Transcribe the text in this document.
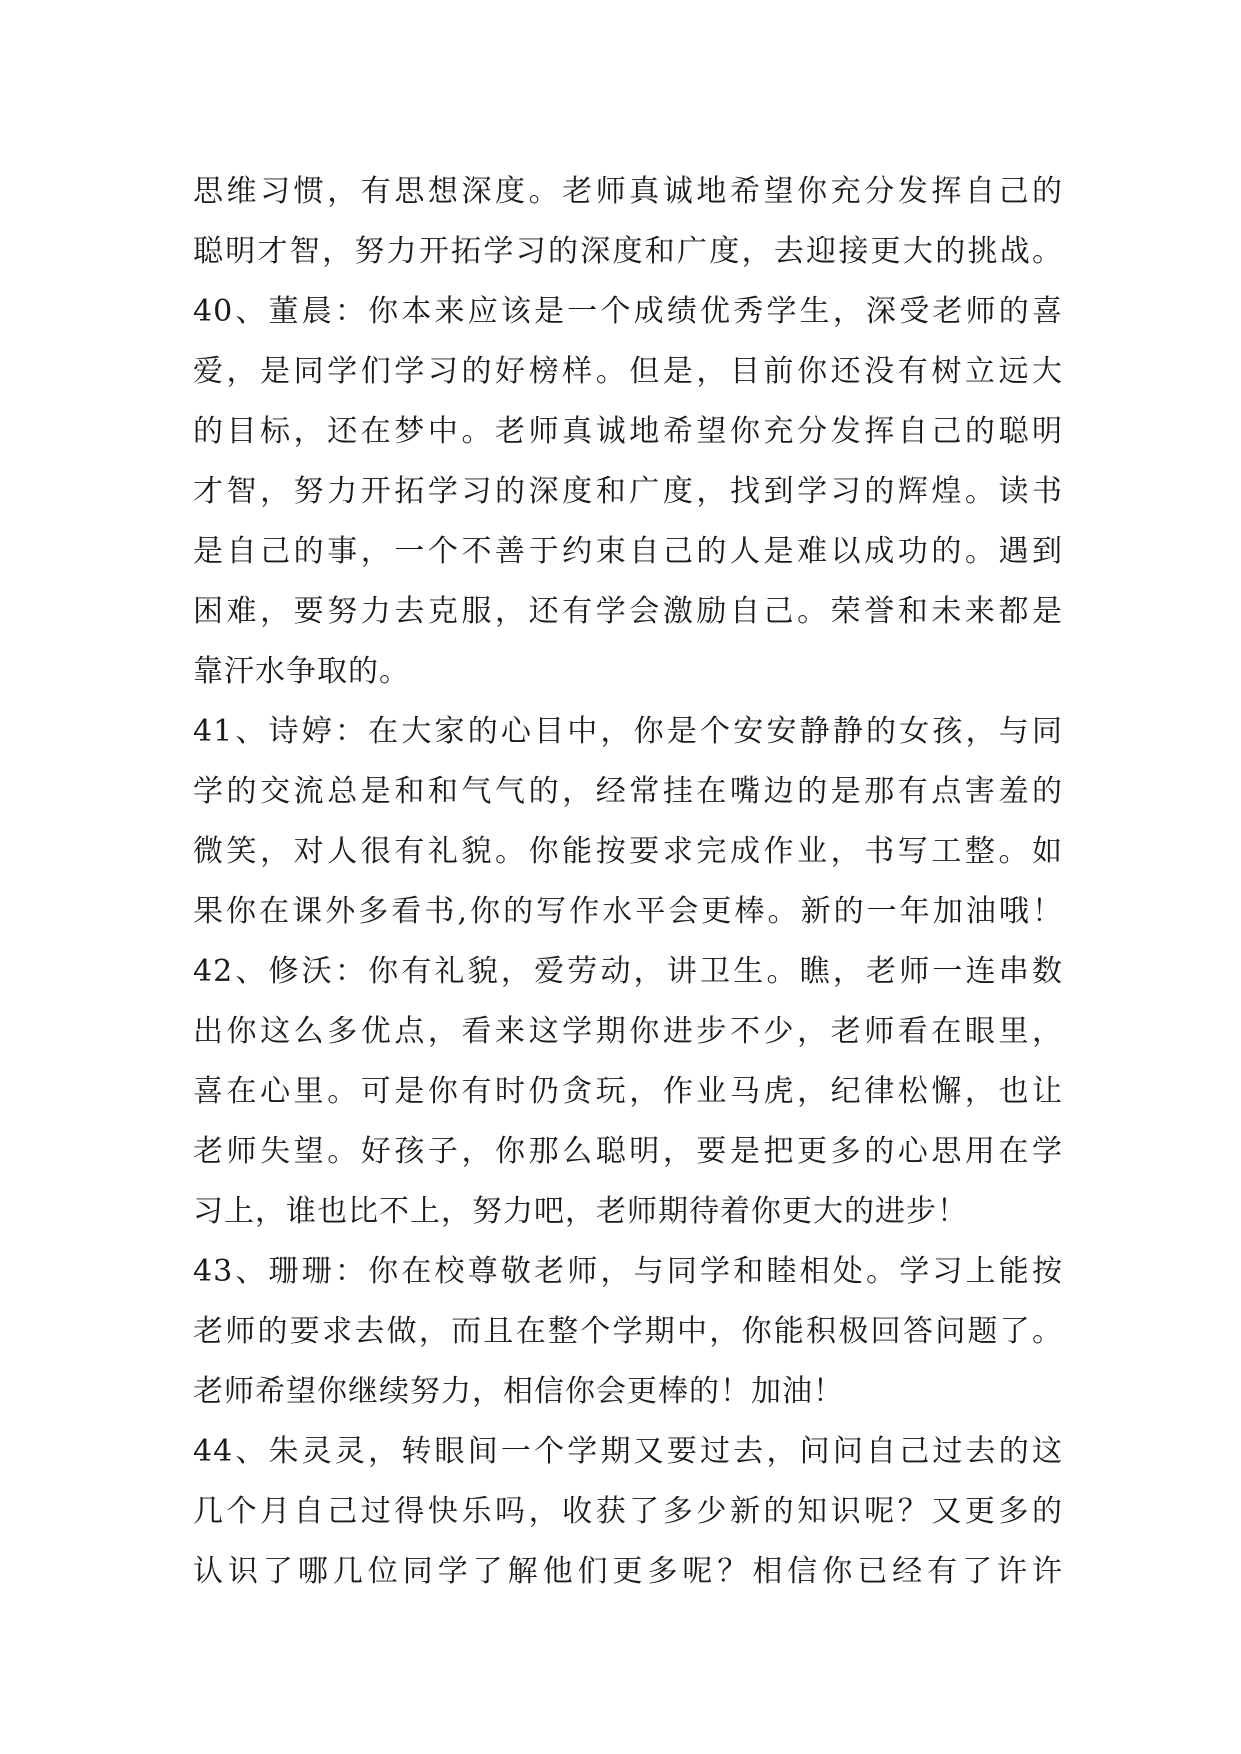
思维习惯，有思想深度。老师真诚地希望你充分发挥自己的
聪明才智，努力开拓学习的深度和广度，去迎接更大的挑战。
40、董晨：你本来应该是一个成绩优秀学生，深受老师的喜
爱，是同学们学习的好榜样。但是，目前你还没有树立远大
的目标，还在梦中。老师真诚地希望你充分发挥自己的聪明
才智，努力开拓学习的深度和广度，找到学习的辉煌。读书
是自己的事，一个不善于约束自己的人是难以成功的。遇到
困难，要努力去克服，还有学会激励自己。荣誉和未来都是
靠汗水争取的。
41、诗婷：在大家的心目中，你是个安安静静的女孩，与同
学的交流总是和和气气的，经常挂在嘴边的是那有点害羞的
微笑，对人很有礼貌。你能按要求完成作业，书写工整。如
果你在课外多看书,你的写作水平会更棒。新的一年加油哦！
42、修沃：你有礼貌，爱劳动，讲卫生。瞧，老师一连串数
出你这么多优点，看来这学期你进步不少，老师看在眼里，
喜在心里。可是你有时仍贪玩，作业马虎，纪律松懈，也让
老师失望。好孩子，你那么聪明，要是把更多的心思用在学
习上，谁也比不上，努力吧，老师期待着你更大的进步！
43、珊珊：你在校尊敬老师，与同学和睦相处。学习上能按
老师的要求去做，而且在整个学期中，你能积极回答问题了。
老师希望你继续努力，相信你会更棒的！加油！
44、朱灵灵，转眼间一个学期又要过去，问问自己过去的这
几个月自己过得快乐吗，收获了多少新的知识呢？又更多的
认识了哪几位同学了解他们更多呢？相信你已经有了许许
